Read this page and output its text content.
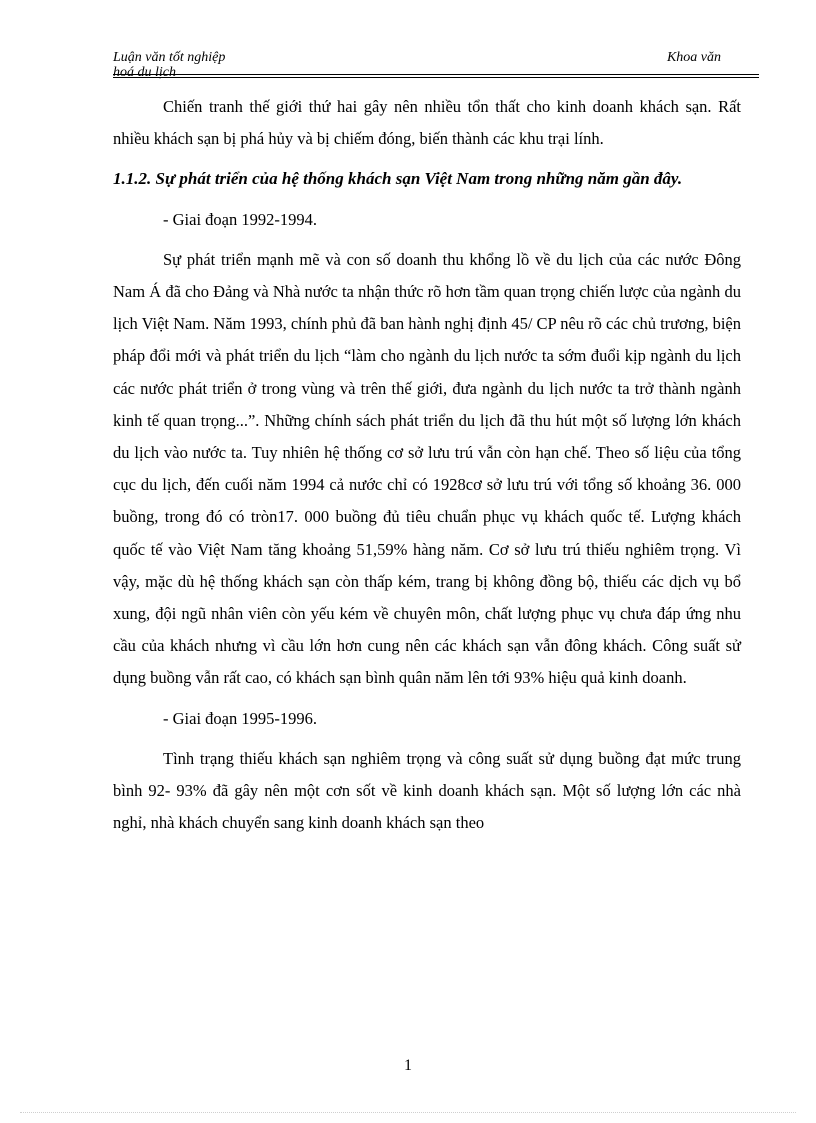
Luận văn tốt nghiệp
hoá du lịch
Khoa văn

Chiến tranh thế giới thứ hai gây nên nhiều tổn thất cho kinh doanh khách sạn. Rất nhiều khách sạn bị phá hủy và bị chiếm đóng, biến thành các khu trại lính.

1.1.2. Sự phát triển của hệ thống khách sạn Việt Nam trong những năm gần đây.

- Giai đoạn 1992-1994.

Sự phát triển mạnh mẽ và con số doanh thu khổng lồ về du lịch của các nước Đông Nam Á đã cho Đảng và Nhà nước ta nhận thức rõ hơn tầm quan trọng chiến lược của ngành du lịch Việt Nam. Năm 1993, chính phủ đã ban hành nghị định 45/ CP nêu rõ các chủ trương, biện pháp đổi mới và phát triển du lịch “làm cho ngành du lịch nước ta sớm đuổi kịp ngành du lịch các nước phát triển ở trong vùng và trên thế giới, đưa ngành du lịch nước ta trở thành ngành kinh tế quan trọng...”. Những chính sách phát triển du lịch đã thu hút một số lượng lớn khách du lịch vào nước ta. Tuy nhiên hệ thống cơ sở lưu trú vẫn còn hạn chế. Theo số liệu của tổng cục du lịch, đến cuối năm 1994 cả nước chỉ có 1928cơ sở lưu trú với tổng số khoảng 36. 000 buồng, trong đó có tròn17. 000 buồng đủ tiêu chuẩn phục vụ khách quốc tế. Lượng khách quốc tế vào Việt Nam tăng khoảng 51,59% hàng năm. Cơ sở lưu trú thiếu nghiêm trọng. Vì vậy, mặc dù hệ thống khách sạn còn thấp kém, trang bị không đồng bộ, thiếu các dịch vụ bổ xung, đội ngũ nhân viên còn yếu kém về chuyên môn, chất lượng phục vụ chưa đáp ứng nhu cầu của khách nhưng vì cầu lớn hơn cung nên các khách sạn vẫn đông khách. Công suất sử dụng buồng vẫn rất cao, có khách sạn bình quân năm lên tới 93% hiệu quả kinh doanh.

- Giai đoạn 1995-1996.

Tình trạng thiếu khách sạn nghiêm trọng và công suất sử dụng buồng đạt mức trung bình 92- 93% đã gây nên một cơn sốt về kinh doanh khách sạn. Một số lượng lớn các nhà nghỉ, nhà khách chuyển sang kinh doanh khách sạn theo

1
